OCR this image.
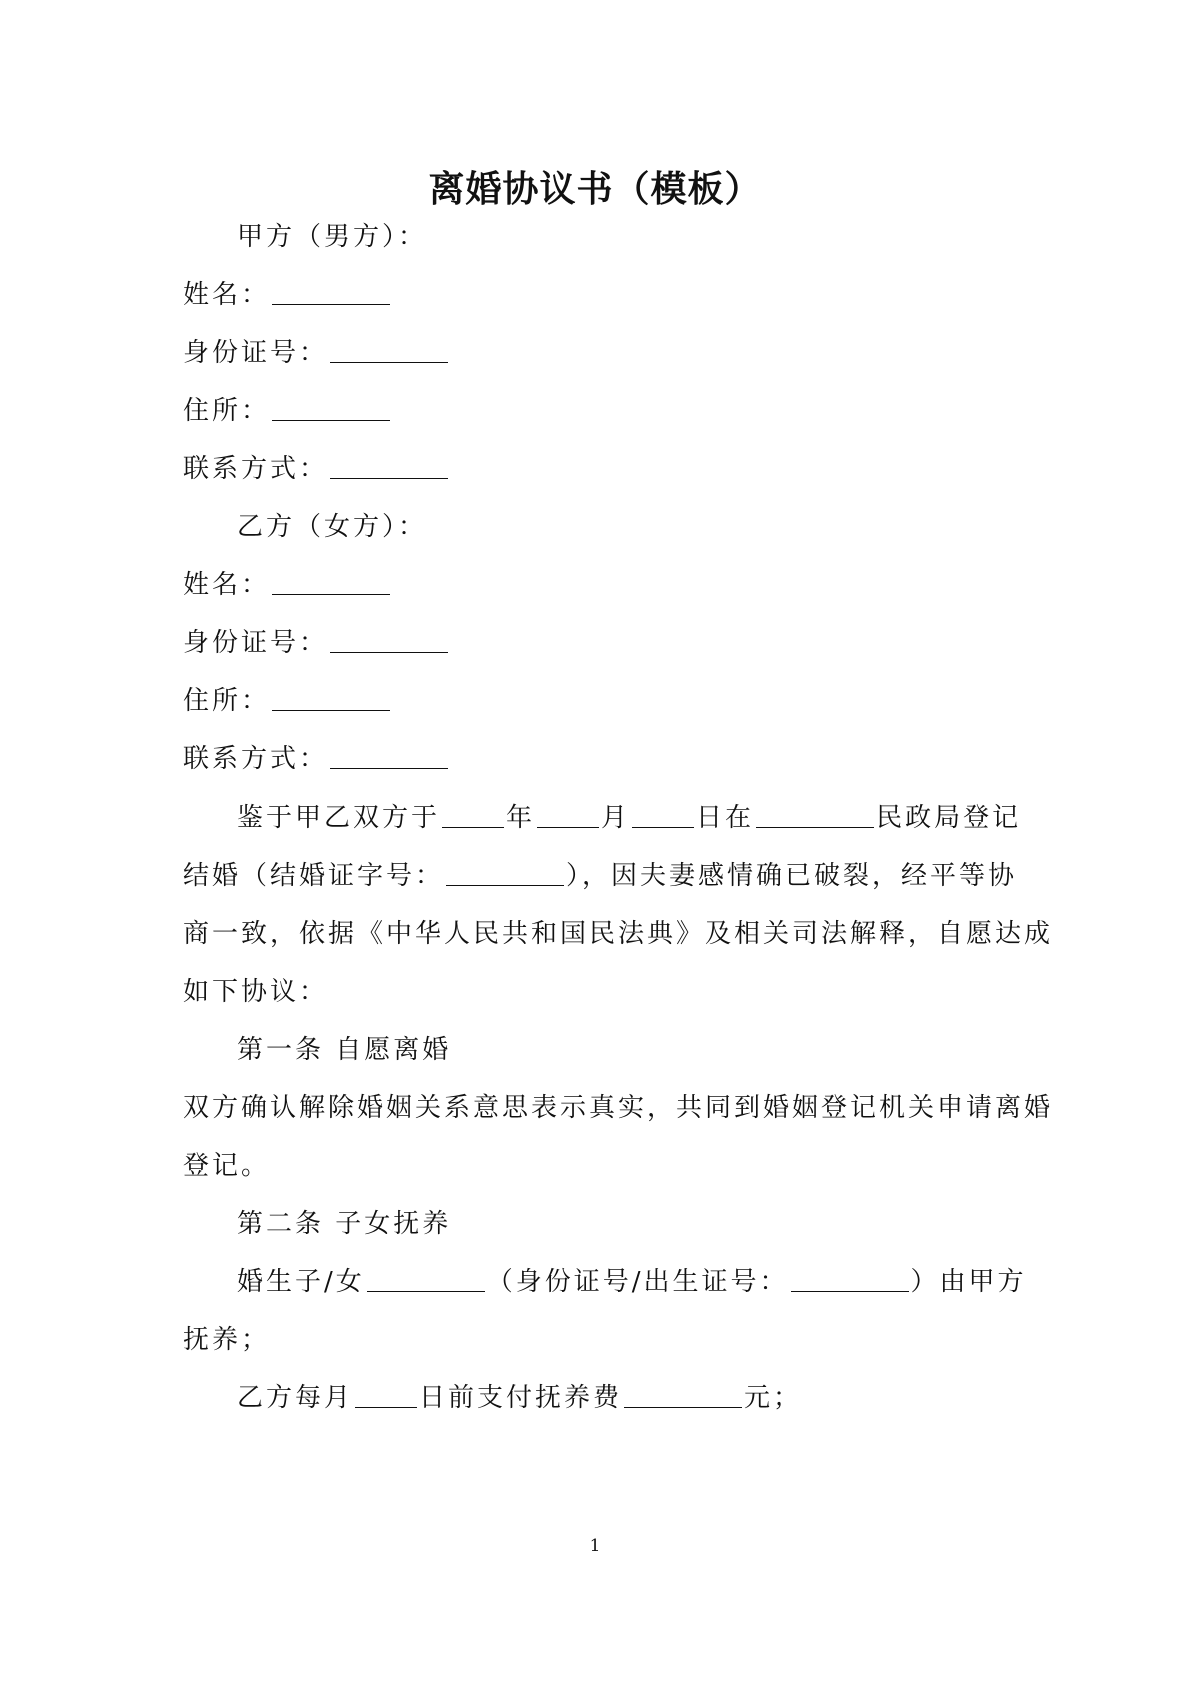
离婚协议书（模板）
甲方（男方）：
姓名：
身份证号：
住所：
联系方式：
乙方（女方）：
姓名：
身份证号：
住所：
联系方式：
鉴于甲乙双方于	年	月	日在	民政局登记
结婚（结婚证字号：	），因夫妻感情确已破裂，经平等协
商一致，依据《中华人民共和国民法典》及相关司法解释，自愿达成
如下协议：
第一条 自愿离婚
双方确认解除婚姻关系意思表示真实，共同到婚姻登记机关申请离婚
登记。
第二条 子女抚养
婚生子/女	（身份证号/出生证号：	）由甲方
抚养；
乙方每月	日前支付抚养费	元；
1
